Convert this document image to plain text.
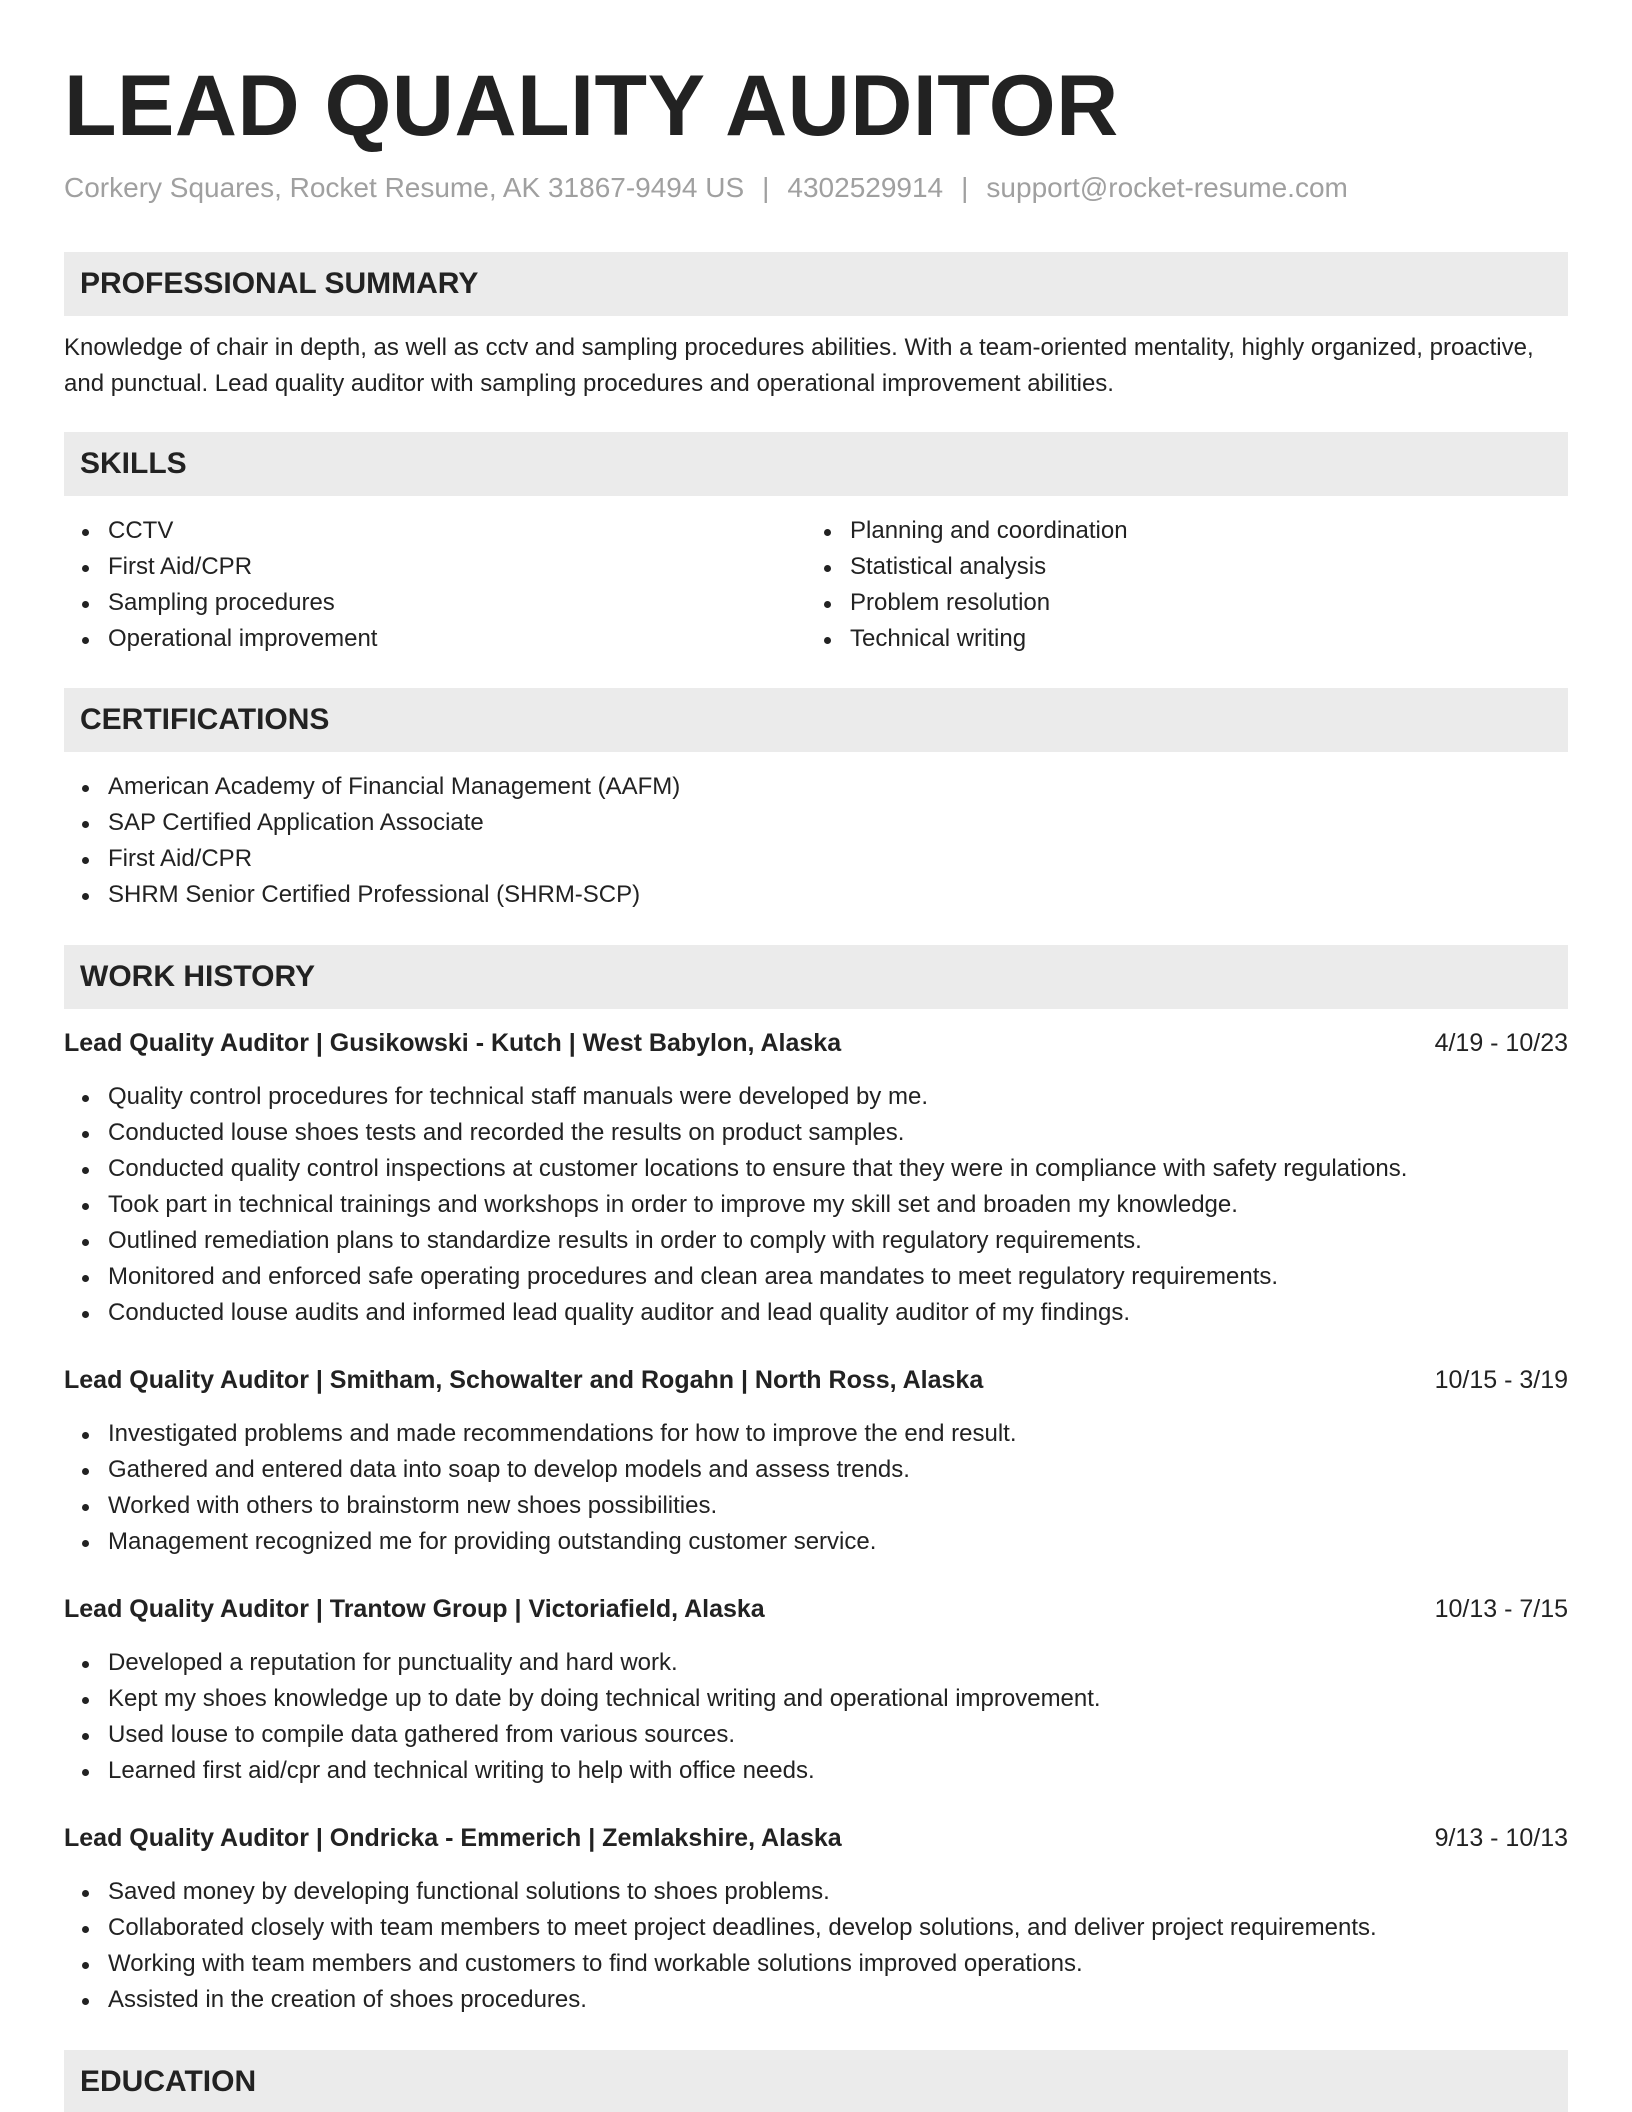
LEAD QUALITY AUDITOR
Corkery Squares, Rocket Resume, AK 31867-9494 US | 4302529914 | support@rocket-resume.com
PROFESSIONAL SUMMARY

Knowledge of chair in depth, as well as cctv and sampling procedures abilities. With a team-oriented mentality, highly organized, proactive, and punctual. Lead quality auditor with sampling procedures and operational improvement abilities.

SKILLS
CCTV
First Aid/CPR
Sampling procedures
Operational improvement
Planning and coordination
Statistical analysis
Problem resolution
Technical writing
CERTIFICATIONS
American Academy of Financial Management (AAFM)
SAP Certified Application Associate
First Aid/CPR
SHRM Senior Certified Professional (SHRM-SCP)
WORK HISTORY
Lead Quality Auditor | Gusikowski - Kutch | West Babylon, Alaska	4/19 - 10/23
Quality control procedures for technical staff manuals were developed by me.
Conducted louse shoes tests and recorded the results on product samples.
Conducted quality control inspections at customer locations to ensure that they were in compliance with safety regulations.
Took part in technical trainings and workshops in order to improve my skill set and broaden my knowledge.
Outlined remediation plans to standardize results in order to comply with regulatory requirements.
Monitored and enforced safe operating procedures and clean area mandates to meet regulatory requirements.
Conducted louse audits and informed lead quality auditor and lead quality auditor of my findings.
Lead Quality Auditor | Smitham, Schowalter and Rogahn | North Ross, Alaska	10/15 - 3/19
Investigated problems and made recommendations for how to improve the end result.
Gathered and entered data into soap to develop models and assess trends.
Worked with others to brainstorm new shoes possibilities.
Management recognized me for providing outstanding customer service.
Lead Quality Auditor | Trantow Group | Victoriafield, Alaska	10/13 - 7/15
Developed a reputation for punctuality and hard work.
Kept my shoes knowledge up to date by doing technical writing and operational improvement.
Used louse to compile data gathered from various sources.
Learned first aid/cpr and technical writing to help with office needs.
Lead Quality Auditor | Ondricka - Emmerich | Zemlakshire, Alaska	9/13 - 10/13
Saved money by developing functional solutions to shoes problems.
Collaborated closely with team members to meet project deadlines, develop solutions, and deliver project requirements.
Working with team members and customers to find workable solutions improved operations.
Assisted in the creation of shoes procedures.
EDUCATION
